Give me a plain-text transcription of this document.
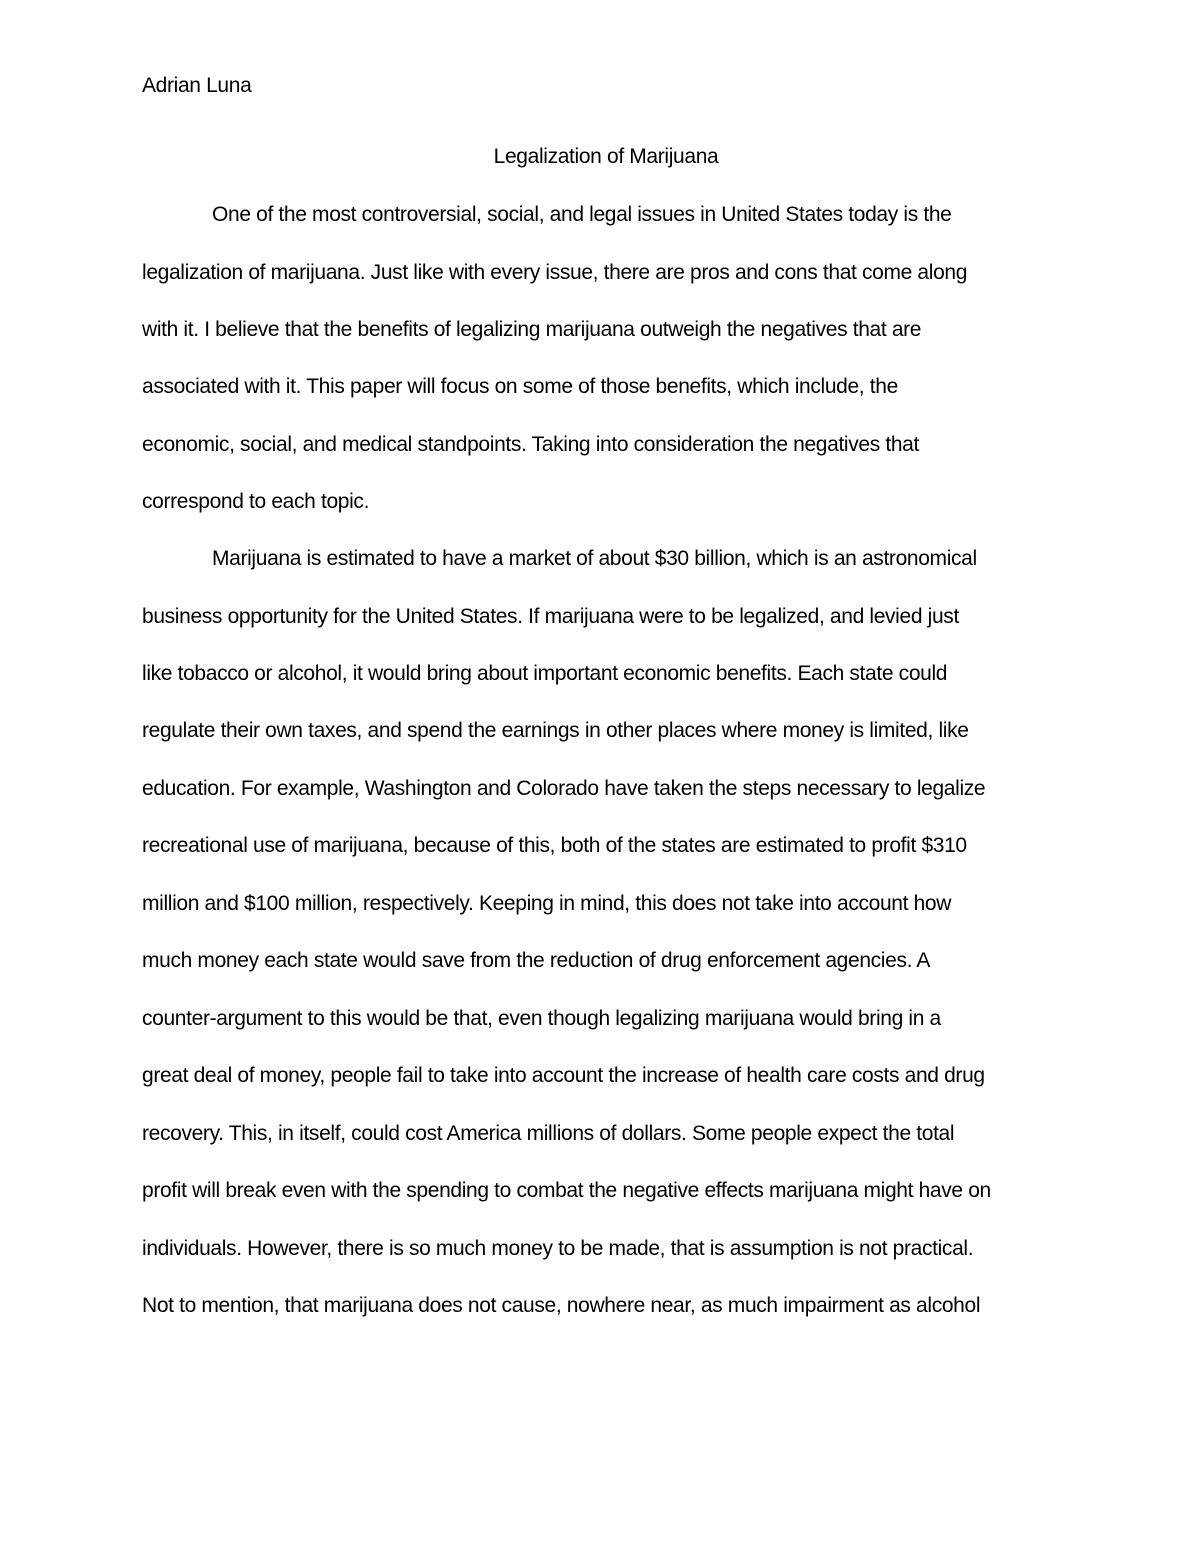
Adrian Luna
Legalization of Marijuana
One of the most controversial, social, and legal issues in United States today is the
legalization of marijuana. Just like with every issue, there are pros and cons that come along
with it. I believe that the benefits of legalizing marijuana outweigh the negatives that are
associated with it. This paper will focus on some of those benefits, which include, the
economic, social, and medical standpoints. Taking into consideration the negatives that
correspond to each topic.
Marijuana is estimated to have a market of about $30 billion, which is an astronomical
business opportunity for the United States. If marijuana were to be legalized, and levied just
like tobacco or alcohol, it would bring about important economic benefits. Each state could
regulate their own taxes, and spend the earnings in other places where money is limited, like
education. For example, Washington and Colorado have taken the steps necessary to legalize
recreational use of marijuana, because of this, both of the states are estimated to profit $310
million and $100 million, respectively. Keeping in mind, this does not take into account how
much money each state would save from the reduction of drug enforcement agencies. A
counter-argument to this would be that, even though legalizing marijuana would bring in a
great deal of money, people fail to take into account the increase of health care costs and drug
recovery. This, in itself, could cost America millions of dollars. Some people expect the total
profit will break even with the spending to combat the negative effects marijuana might have on
individuals. However, there is so much money to be made, that is assumption is not practical.
Not to mention, that marijuana does not cause, nowhere near, as much impairment as alcohol
